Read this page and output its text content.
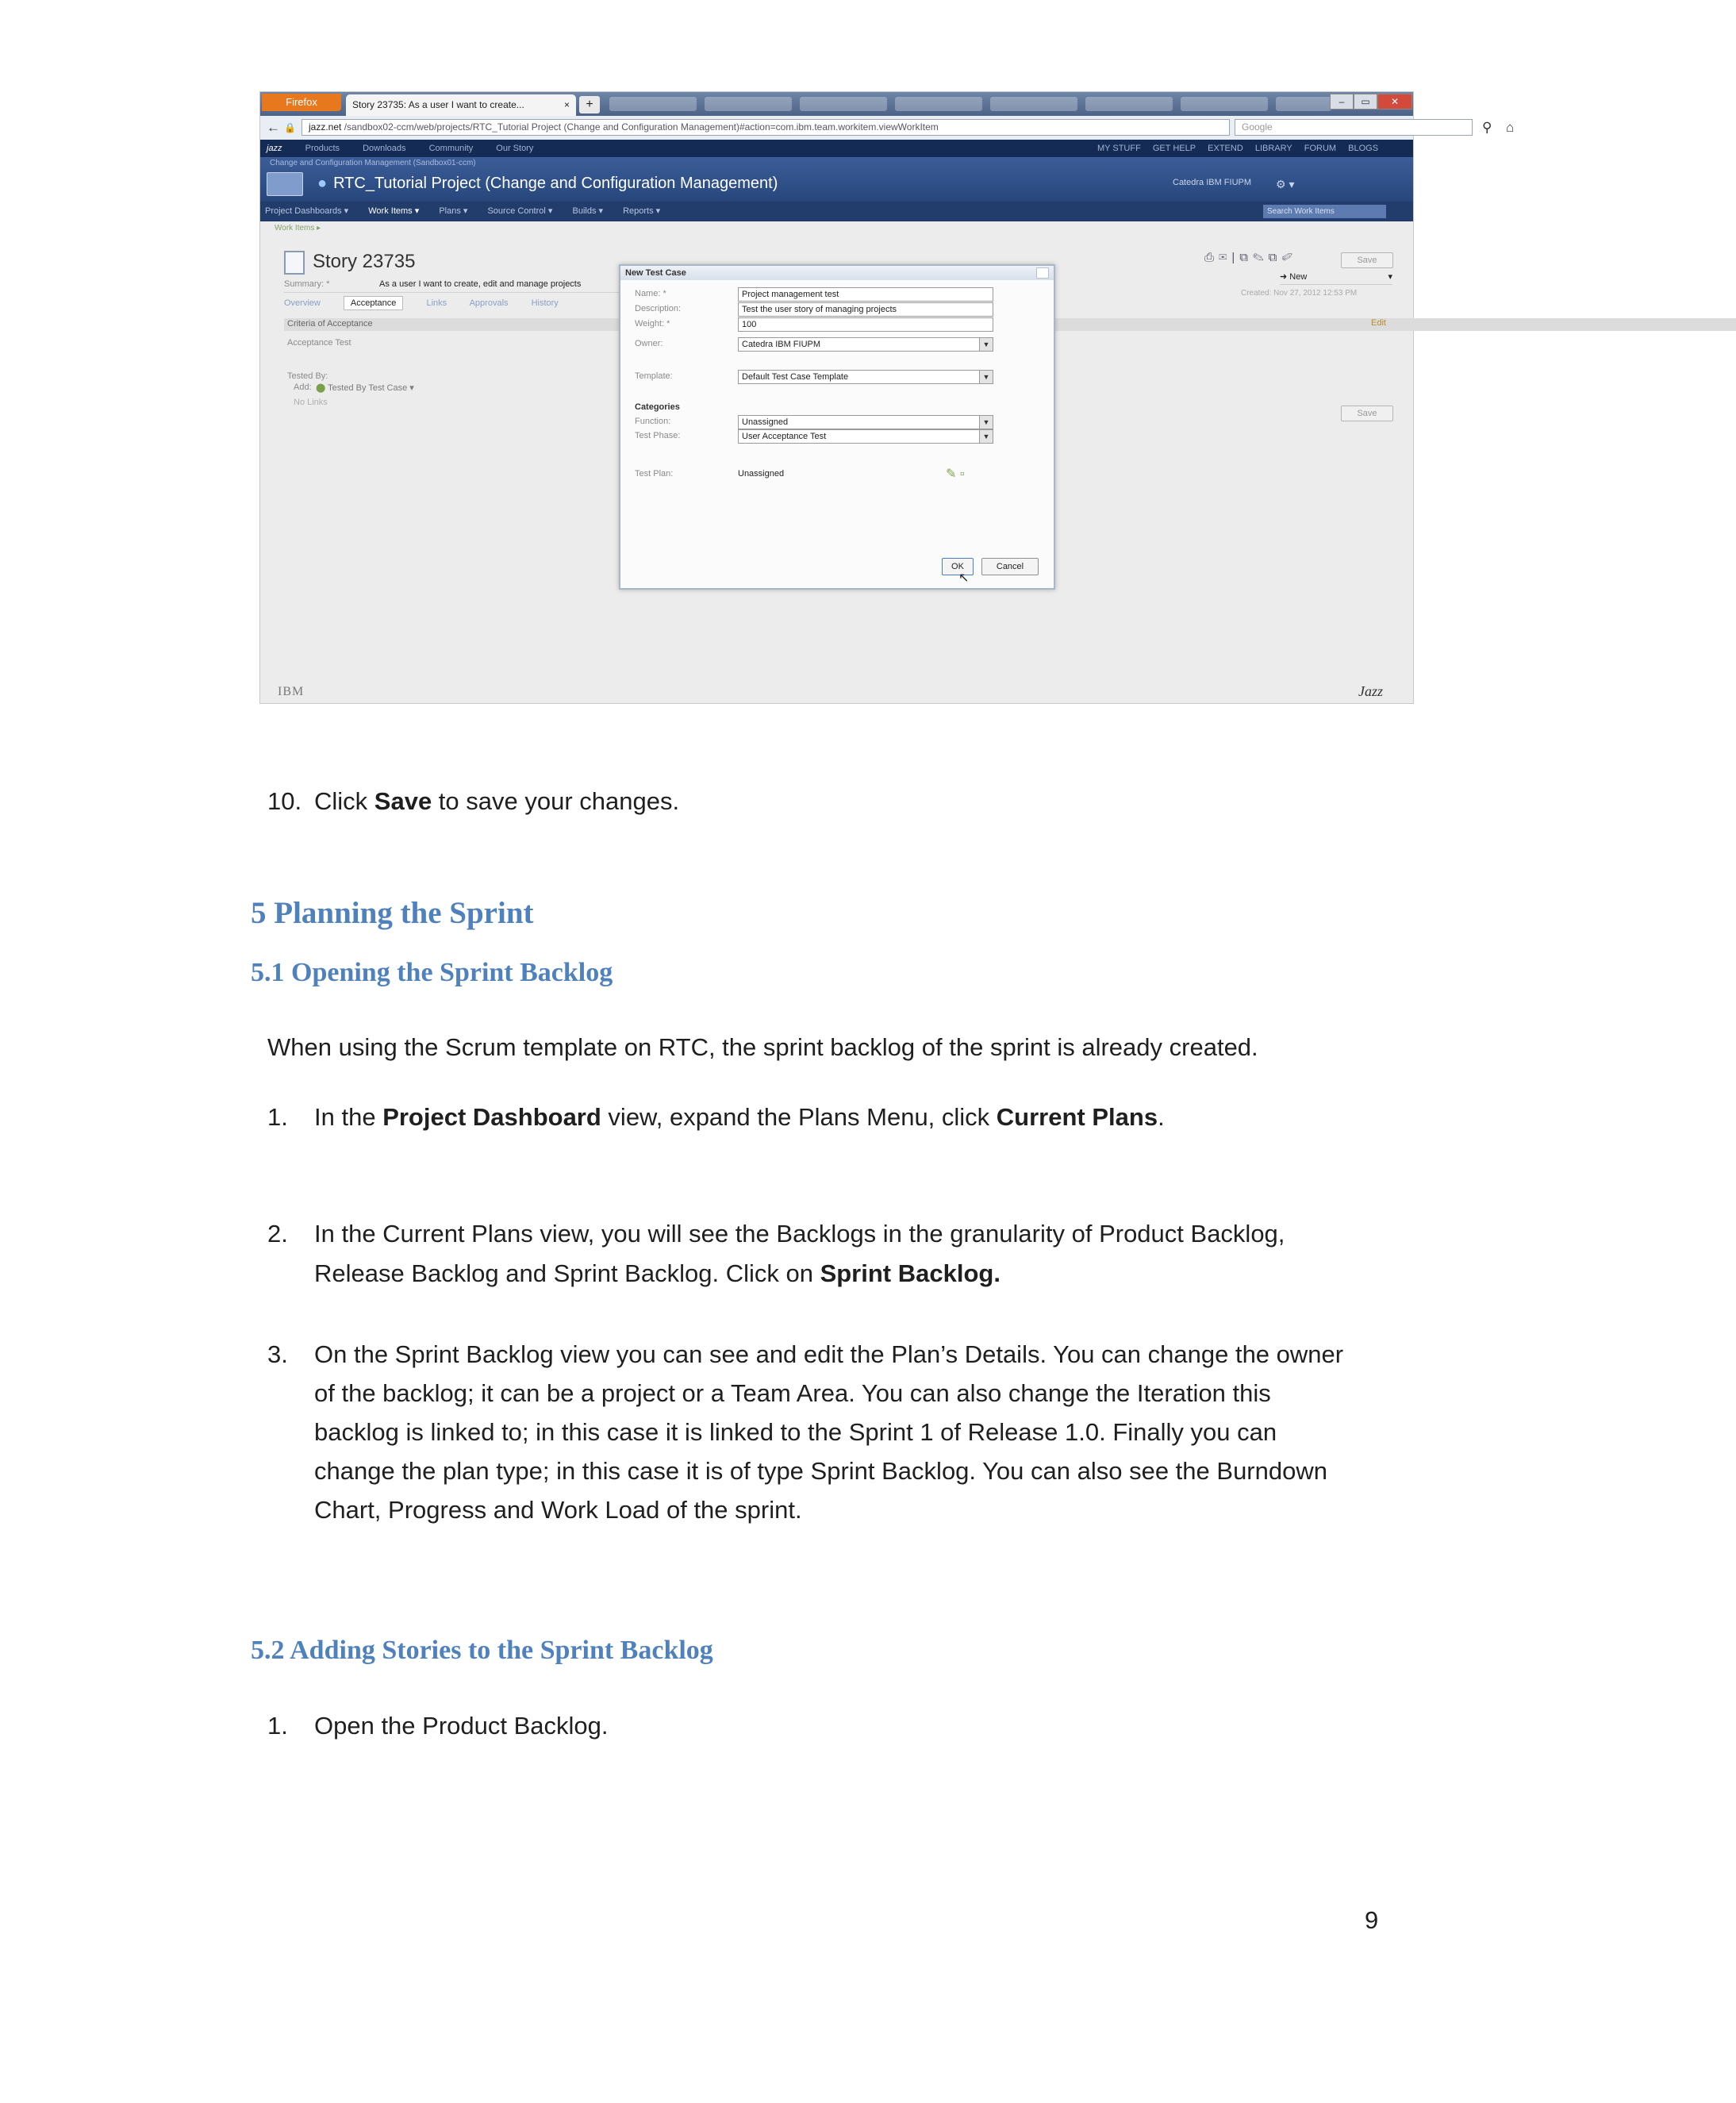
Firefox	Story 23735: As a user I want to create...	×	+	–	▭	✕
← 🔒	jazz.net /sandbox02-ccm/web/projects/RTC_Tutorial Project (Change and Configuration Management)#action=com.ibm.team.workitem.viewWorkItem	Google	⚲ ⌂
jazz	Products	Downloads	Community	Our Story	MY STUFF GET HELP EXTEND LIBRARY FORUM BLOGS
Change and Configuration Management (Sandbox01-ccm)
● RTC_Tutorial Project (Change and Configuration Management)	Catedra IBM FIUPM ⚙ ▾
Project Dashboards ▾ Work Items ▾ Plans ▾ Source Control ▾ Builds ▾ Reports ▾	Search Work Items
Work Items ▸
Story 23735
Summary: *	As a user I want to create, edit and manage projects
Overview	Acceptance	Links	Approvals	History
Criteria of Acceptance
Acceptance Test
Tested By:
Add: ⬤ Tested By Test Case ▾
No Links
⎙✉|⧉✎⧉✐	Save
➜ New	▾
Created: Nov 27, 2012 12:53 PM
Edit
Save
IBM	Jazz
New Test Case
Name: *	Project management test
Description:	Test the user story of managing projects
Weight: *	100
Owner:	Catedra IBM FIUPM	▼
Template:	Default Test Case Template	▼
Categories
Function:	Unassigned	▼
Test Phase:	User Acceptance Test	▼
Test Plan:	Unassigned	✎ ▫
OK	Cancel
↖
10. Click Save to save your changes.
5 Planning the Sprint
5.1 Opening the Sprint Backlog
When using the Scrum template on RTC, the sprint backlog of the sprint is already created.
1. In the Project Dashboard view, expand the Plans Menu, click Current Plans.
2. In the Current Plans view, you will see the Backlogs in the granularity of Product Backlog,
Release Backlog and Sprint Backlog. Click on Sprint Backlog.
3. On the Sprint Backlog view you can see and edit the Plan’s Details. You can change the owner
of the backlog; it can be a project or a Team Area. You can also change the Iteration this
backlog is linked to; in this case it is linked to the Sprint 1 of Release 1.0. Finally you can
change the plan type; in this case it is of type Sprint Backlog. You can also see the Burndown
Chart, Progress and Work Load of the sprint.
5.2 Adding Stories to the Sprint Backlog
1. Open the Product Backlog.
9
